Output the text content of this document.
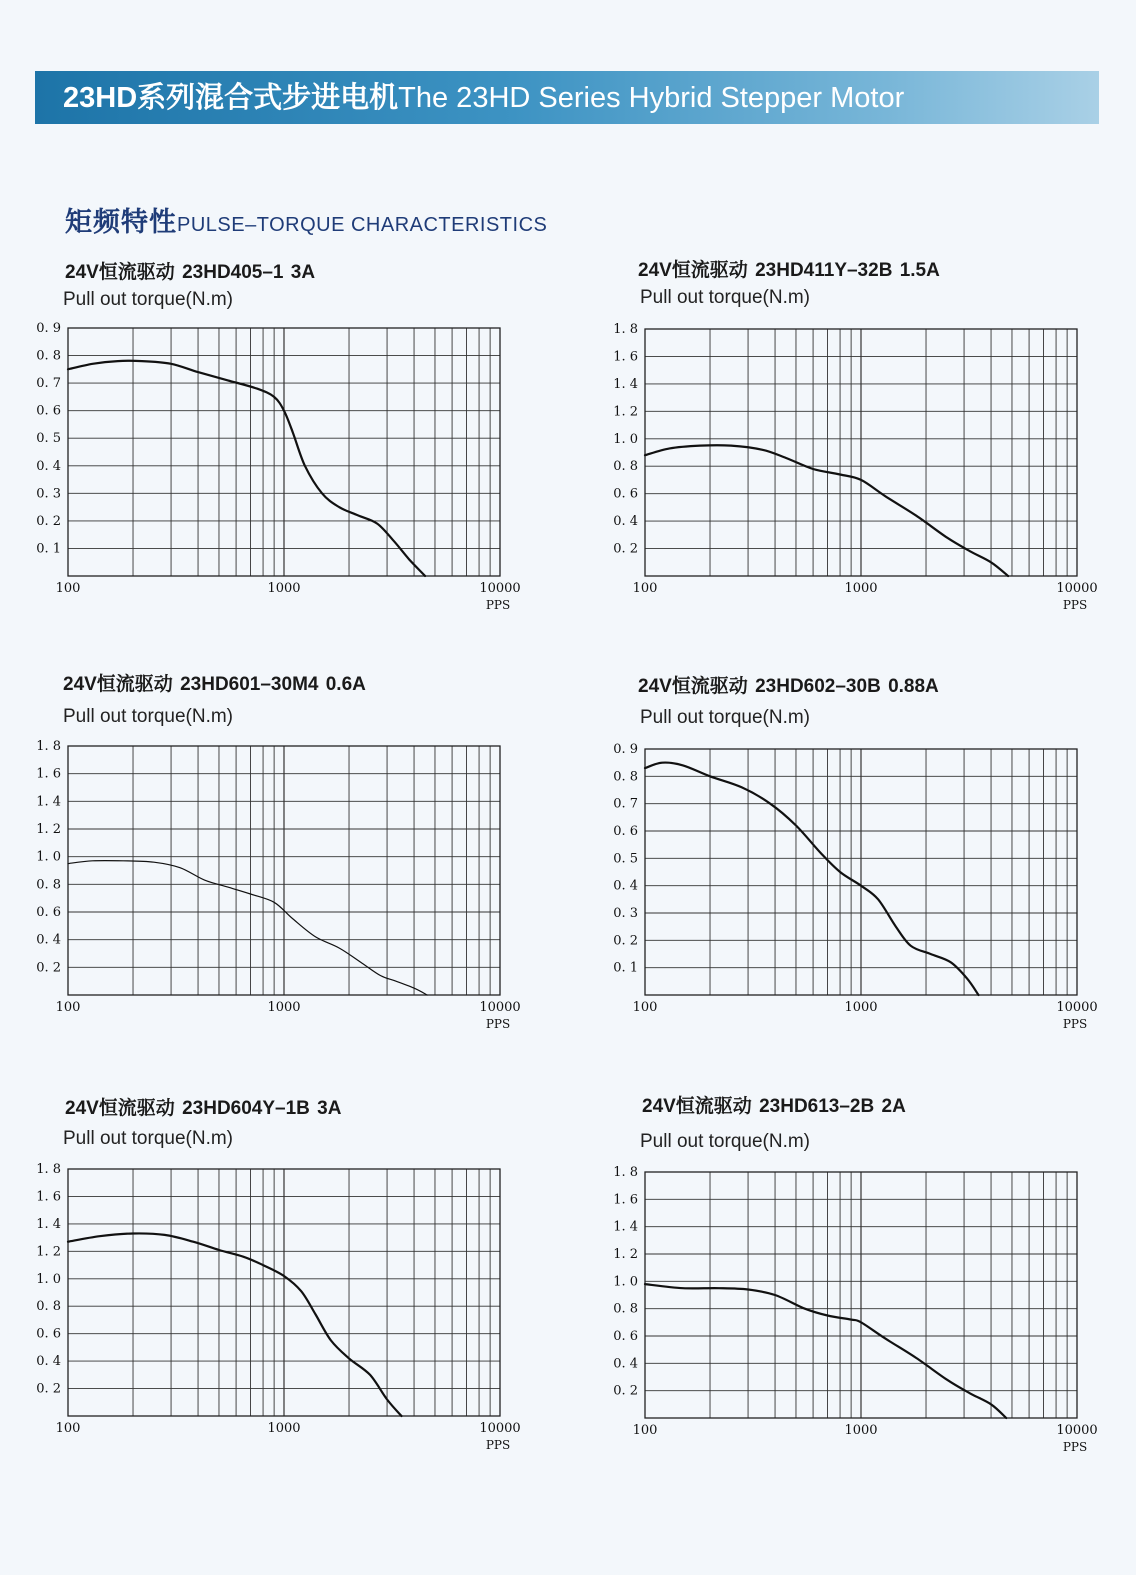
23HD系列混合式步进电机The 23HD Series Hybrid Stepper Motor
矩频特性PULSE–TORQUE CHARACTERISTICS
24V恒流驱动 23HD405–1 3A
Pull out torque(N.m)
0. 1
0. 2
0. 3
0. 4
0. 5
0. 6
0. 7
0. 8
0. 9
100	1000	10000
PPS
24V恒流驱动 23HD411Y–32B 1.5A
Pull out torque(N.m)
0. 2
0. 4
0. 6
0. 8
1. 0
1. 2
1. 4
1. 6
1. 8
100	1000	10000
PPS
24V恒流驱动 23HD601–30M4 0.6A
Pull out torque(N.m)
0. 2
0. 4
0. 6
0. 8
1. 0
1. 2
1. 4
1. 6
1. 8
100	1000	10000
PPS
24V恒流驱动 23HD602–30B 0.88A
Pull out torque(N.m)
0. 1
0. 2
0. 3
0. 4
0. 5
0. 6
0. 7
0. 8
0. 9
100	1000	10000
PPS
24V恒流驱动 23HD604Y–1B 3A
Pull out torque(N.m)
0. 2
0. 4
0. 6
0. 8
1. 0
1. 2
1. 4
1. 6
1. 8
100	1000	10000
PPS
24V恒流驱动 23HD613–2B 2A
Pull out torque(N.m)
0. 2
0. 4
0. 6
0. 8
1. 0
1. 2
1. 4
1. 6
1. 8
100	1000	10000
PPS
